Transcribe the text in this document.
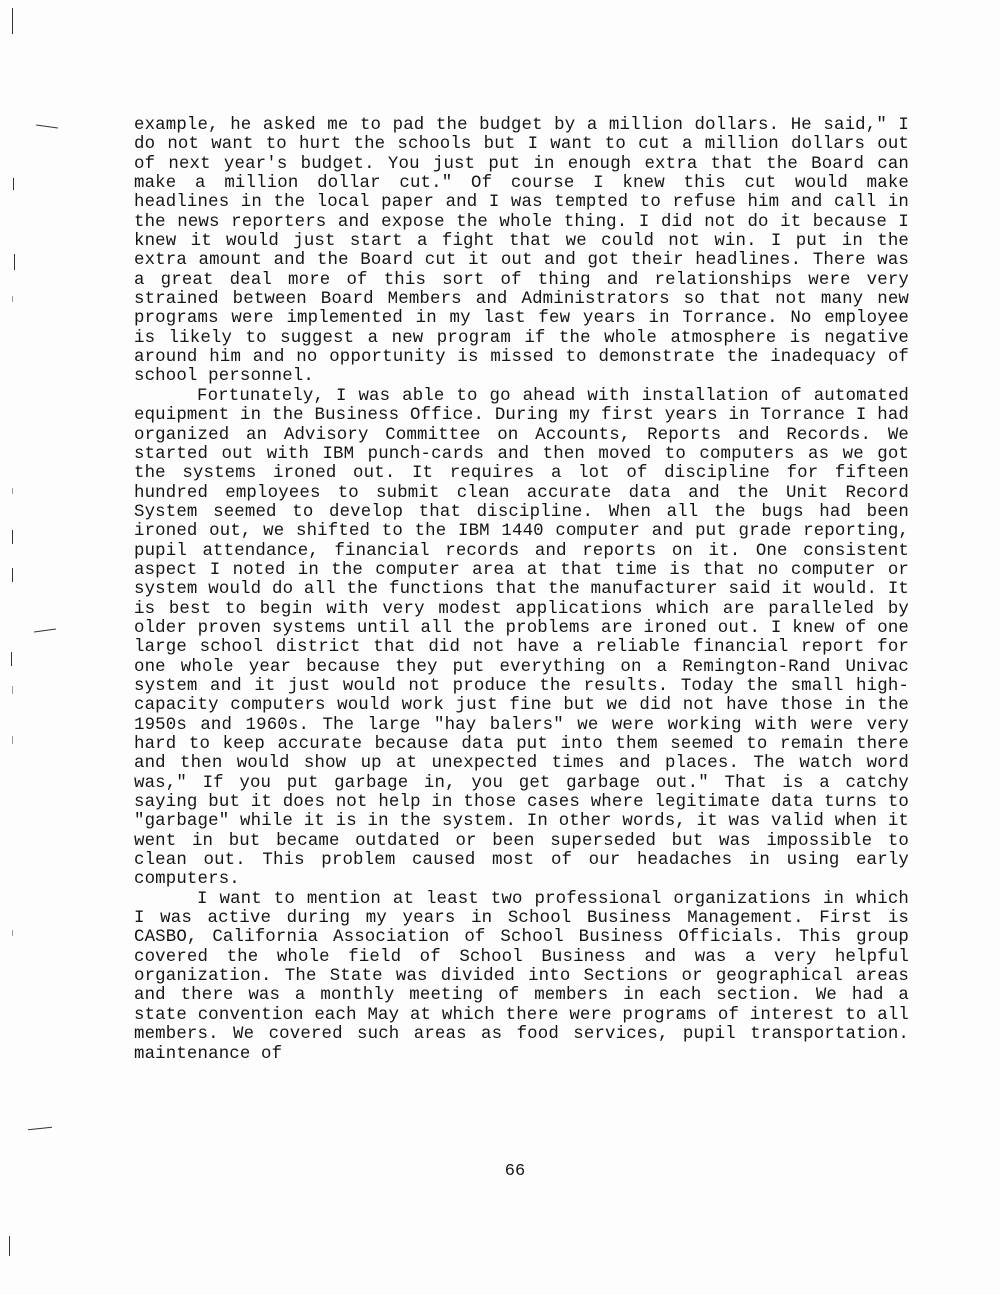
example, he asked me to pad the budget by a million dollars. He said," I do not want to hurt the schools but I want to cut a million dollars out of next year's budget. You just put in enough extra that the Board can make a million dollar cut." Of course I knew this cut would make headlines in the local paper and I was tempted to refuse him and call in the news reporters and expose the whole thing. I did not do it because I knew it would just start a fight that we could not win. I put in the extra amount and the Board cut it out and got their headlines. There was a great deal more of this sort of thing and relationships were very strained between Board Members and Administrators so that not many new programs were implemented in my last few years in Torrance. No employee is likely to suggest a new program if the whole atmosphere is negative around him and no opportunity is missed to demonstrate the inadequacy of school personnel.

Fortunately, I was able to go ahead with installation of automated equipment in the Business Office. During my first years in Torrance I had organized an Advisory Committee on Accounts, Reports and Records. We started out with IBM punch-cards and then moved to computers as we got the systems ironed out. It requires a lot of discipline for fifteen hundred employees to submit clean accurate data and the Unit Record System seemed to develop that discipline. When all the bugs had been ironed out, we shifted to the IBM 1440 computer and put grade reporting, pupil attendance, financial records and reports on it. One consistent aspect I noted in the computer area at that time is that no computer or system would do all the functions that the manufacturer said it would. It is best to begin with very modest applications which are paralleled by older proven systems until all the problems are ironed out. I knew of one large school district that did not have a reliable financial report for one whole year because they put everything on a Remington-Rand Univac system and it just would not produce the results. Today the small high-capacity computers would work just fine but we did not have those in the 1950s and 1960s. The large "hay balers" we were working with were very hard to keep accurate because data put into them seemed to remain there and then would show up at unexpected times and places. The watch word was," If you put garbage in, you get garbage out." That is a catchy saying but it does not help in those cases where legitimate data turns to "garbage" while it is in the system. In other words, it was valid when it went in but became outdated or been superseded but was impossible to clean out. This problem caused most of our headaches in using early computers.

I want to mention at least two professional organizations in which I was active during my years in School Business Management. First is CASBO, California Association of School Business Officials. This group covered the whole field of School Business and was a very helpful organization. The State was divided into Sections or geographical areas and there was a monthly meeting of members in each section. We had a state convention each May at which there were programs of interest to all members. We covered such areas as food services, pupil transportation. maintenance of

66
